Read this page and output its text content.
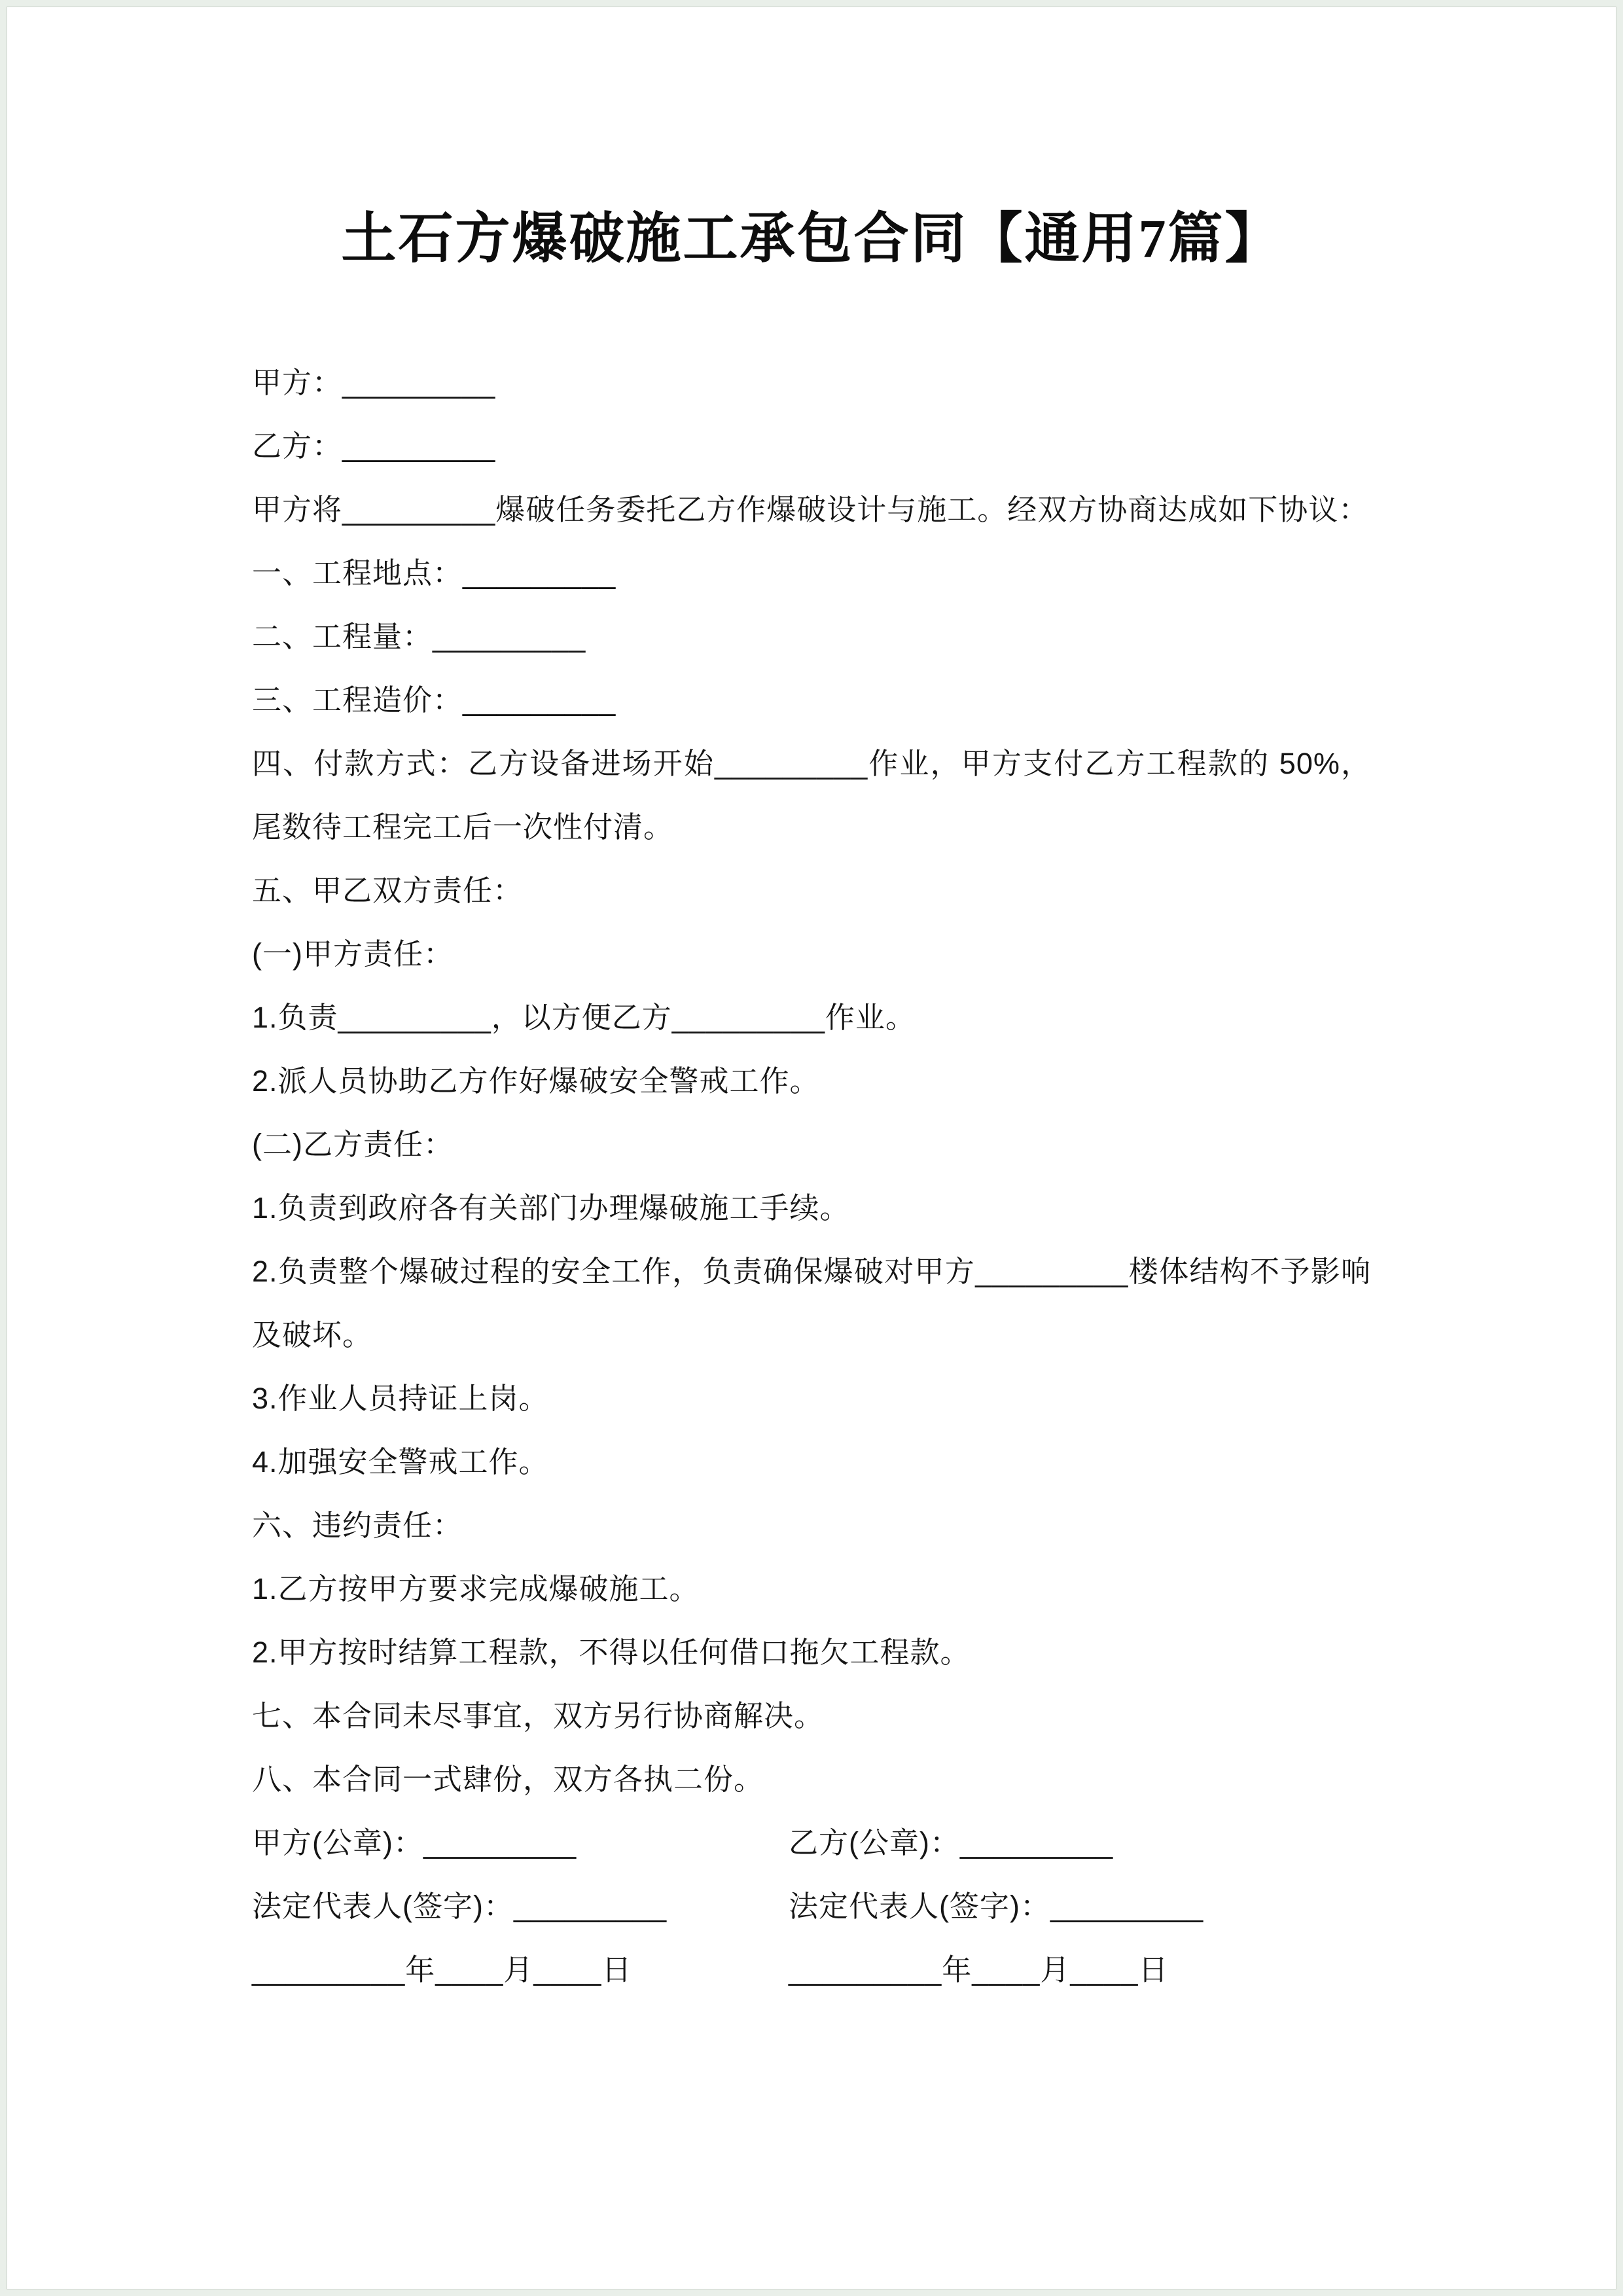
土石方爆破施工承包合同【通用7篇】

甲方：_________

乙方：_________

甲方将_________爆破任务委托乙方作爆破设计与施工。经双方协商达成如下协议：

一、工程地点：_________

二、工程量：_________

三、工程造价：_________

四、付款方式：乙方设备进场开始_________作业，甲方支付乙方工程款的 50%，尾数待工程完工后一次性付清。

五、甲乙双方责任：

(一)甲方责任：

1.负责_________，以方便乙方_________作业。

2.派人员协助乙方作好爆破安全警戒工作。

(二)乙方责任：

1.负责到政府各有关部门办理爆破施工手续。

2.负责整个爆破过程的安全工作，负责确保爆破对甲方_________楼体结构不予影响及破坏。

3.作业人员持证上岗。

4.加强安全警戒工作。

六、违约责任：

1.乙方按甲方要求完成爆破施工。

2.甲方按时结算工程款，不得以任何借口拖欠工程款。

七、本合同未尽事宜，双方另行协商解决。

八、本合同一式肆份，双方各执二份。

甲方(公章)：_________	乙方(公章)：_________
法定代表人(签字)：_________	法定代表人(签字)：_________
_________年____月____日	_________年____月____日
